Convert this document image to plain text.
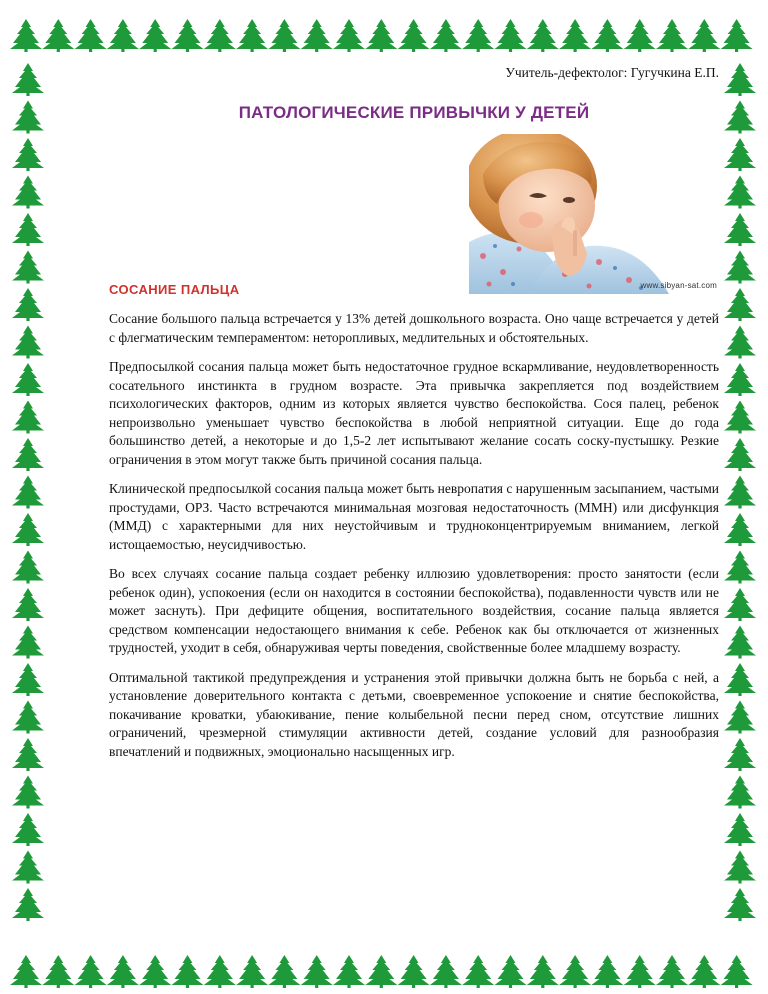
Учитель-дефектолог: Гугучкина Е.П.
ПАТОЛОГИЧЕСКИЕ ПРИВЫЧКИ У ДЕТЕЙ
www.sibyan-sat.com
СОСАНИЕ ПАЛЬЦА

Сосание большого пальца встречается у 13% детей дошкольного возраста. Оно чаще встречается у детей с флегматическим темпераментом: неторопливых, медлительных и обстоятельных.

Предпосылкой сосания пальца может быть недостаточное грудное вскармливание, неудовлетворенность сосательного инстинкта в грудном возрасте. Эта привычка закрепляется под воздействием психологических факторов, одним из которых является чувство беспокойства. Сося палец, ребенок непроизвольно уменьшает чувство беспокойства в любой неприятной ситуации. Еще до года большинство детей, а некоторые и до 1,5-2 лет испытывают желание сосать соску-пустышку. Резкие ограничения в этом могут также быть причиной сосания пальца.

Клинической предпосылкой сосания пальца может быть невропатия с нарушенным засыпанием, частыми простудами, ОРЗ. Часто встречаются минимальная мозговая недостаточность (ММН) или дисфункция (ММД) с характерными для них неустойчивым и трудноконцентрируемым вниманием, легкой истощаемостью, неусидчивостью.

Во всех случаях сосание пальца создает ребенку иллюзию удовлетворения: просто занятости (если ребенок один), успокоения (если он находится в состоянии беспокойства), подавленности чувств или не может заснуть). При дефиците общения, воспитательного воздействия, сосание пальца является средством компенсации недостающего внимания к себе. Ребенок как бы отключается от жизненных трудностей, уходит в себя, обнаруживая черты поведения, свойственные более младшему возрасту.

Оптимальной тактикой предупреждения и устранения этой привычки должна быть не борьба с ней, а установление доверительного контакта с детьми, своевременное успокоение и снятие беспокойства, покачивание кроватки, убаюкивание, пение колыбельной песни перед сном, отсутствие лишних ограничений, чрезмерной стимуляции активности детей, создание условий для разнообразия впечатлений и подвижных, эмоционально насыщенных игр.
